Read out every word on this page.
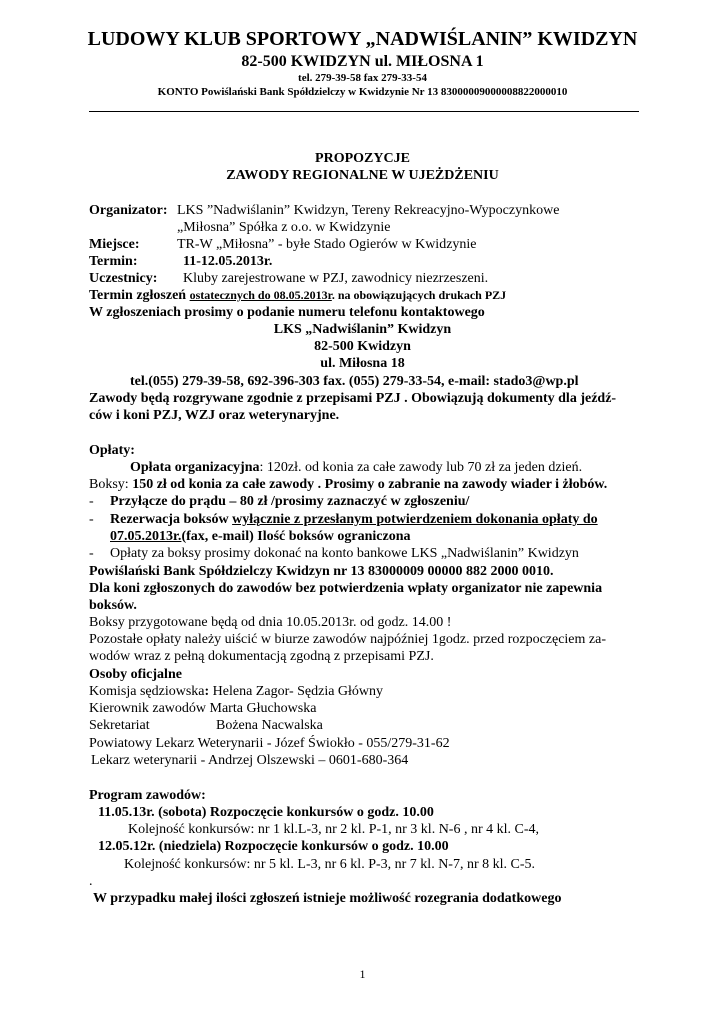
LUDOWY KLUB SPORTOWY „NADWIŚLANIN” KWIDZYN
82-500 KWIDZYN ul. MIŁOSNA 1
tel. 279-39-58 fax 279-33-54
KONTO Powiślański Bank Spółdzielczy w Kwidzynie Nr 13 83000009000008822000010
PROPOZYCJE
ZAWODY REGIONALNE W UJEŻDŻENIU
Organizator: LKS ”Nadwiślanin” Kwidzyn, Tereny Rekreacyjno-Wypoczynkowe
„Miłosna” Spółka z o.o. w Kwidzynie
Miejsce:	TR-W „Miłosna” - byłe Stado Ogierów w Kwidzynie
Termin:	11-12.05.2013r.
Uczestnicy: Kluby zarejestrowane w PZJ, zawodnicy niezrzeszeni.
Termin zgłoszeń ostatecznych do 08.05.2013r. na obowiązujących drukach PZJ
W zgłoszeniach prosimy o podanie numeru telefonu kontaktowego
LKS „Nadwiślanin” Kwidzyn
82-500 Kwidzyn
ul. Miłosna 18
tel.(055) 279-39-58, 692-396-303 fax. (055) 279-33-54, e-mail: stado3@wp.pl
Zawody będą rozgrywane zgodnie z przepisami PZJ . Obowiązują dokumenty dla jeźdź-
ców i koni PZJ, WZJ oraz weterynaryjne.
Opłaty:
Opłata organizacyjna: 120zł. od konia za całe zawody lub 70 zł za jeden dzień.
Boksy: 150 zł od konia za całe zawody . Prosimy o zabranie na zawody wiader i żłobów.
- Przyłącze do prądu – 80 zł /prosimy zaznaczyć w zgłoszeniu/
- Rezerwacja boksów wyłącznie z przesłanym potwierdzeniem dokonania opłaty do
07.05.2013r.(fax, e-mail) Ilość boksów ograniczona
- Opłaty za boksy prosimy dokonać na konto bankowe LKS „Nadwiślanin” Kwidzyn
Powiślański Bank Spółdzielczy Kwidzyn nr 13 83000009 00000 882 2000 0010.
Dla koni zgłoszonych do zawodów bez potwierdzenia wpłaty organizator nie zapewnia
boksów.
Boksy przygotowane będą od dnia 10.05.2013r. od godz. 14.00 !
Pozostałe opłaty należy uiścić w biurze zawodów najpóźniej 1godz. przed rozpoczęciem za-
wodów wraz z pełną dokumentacją zgodną z przepisami PZJ.
Osoby oficjalne
Komisja sędziowska: Helena Zagor- Sędzia Główny
Kierownik zawodów Marta Głuchowska
Sekretariat	Bożena Nacwalska
Powiatowy Lekarz Weterynarii - Józef Świokło - 055/279-31-62
Lekarz weterynarii - Andrzej Olszewski – 0601-680-364
Program zawodów:
11.05.13r. (sobota) Rozpoczęcie konkursów o godz. 10.00
Kolejność konkursów: nr 1 kl.L-3, nr 2 kl. P-1, nr 3 kl. N-6 , nr 4 kl. C-4,
12.05.12r. (niedziela) Rozpoczęcie konkursów o godz. 10.00
Kolejność konkursów: nr 5 kl. L-3, nr 6 kl. P-3, nr 7 kl. N-7, nr 8 kl. C-5.
.
W przypadku małej ilości zgłoszeń istnieje możliwość rozegrania dodatkowego
1
